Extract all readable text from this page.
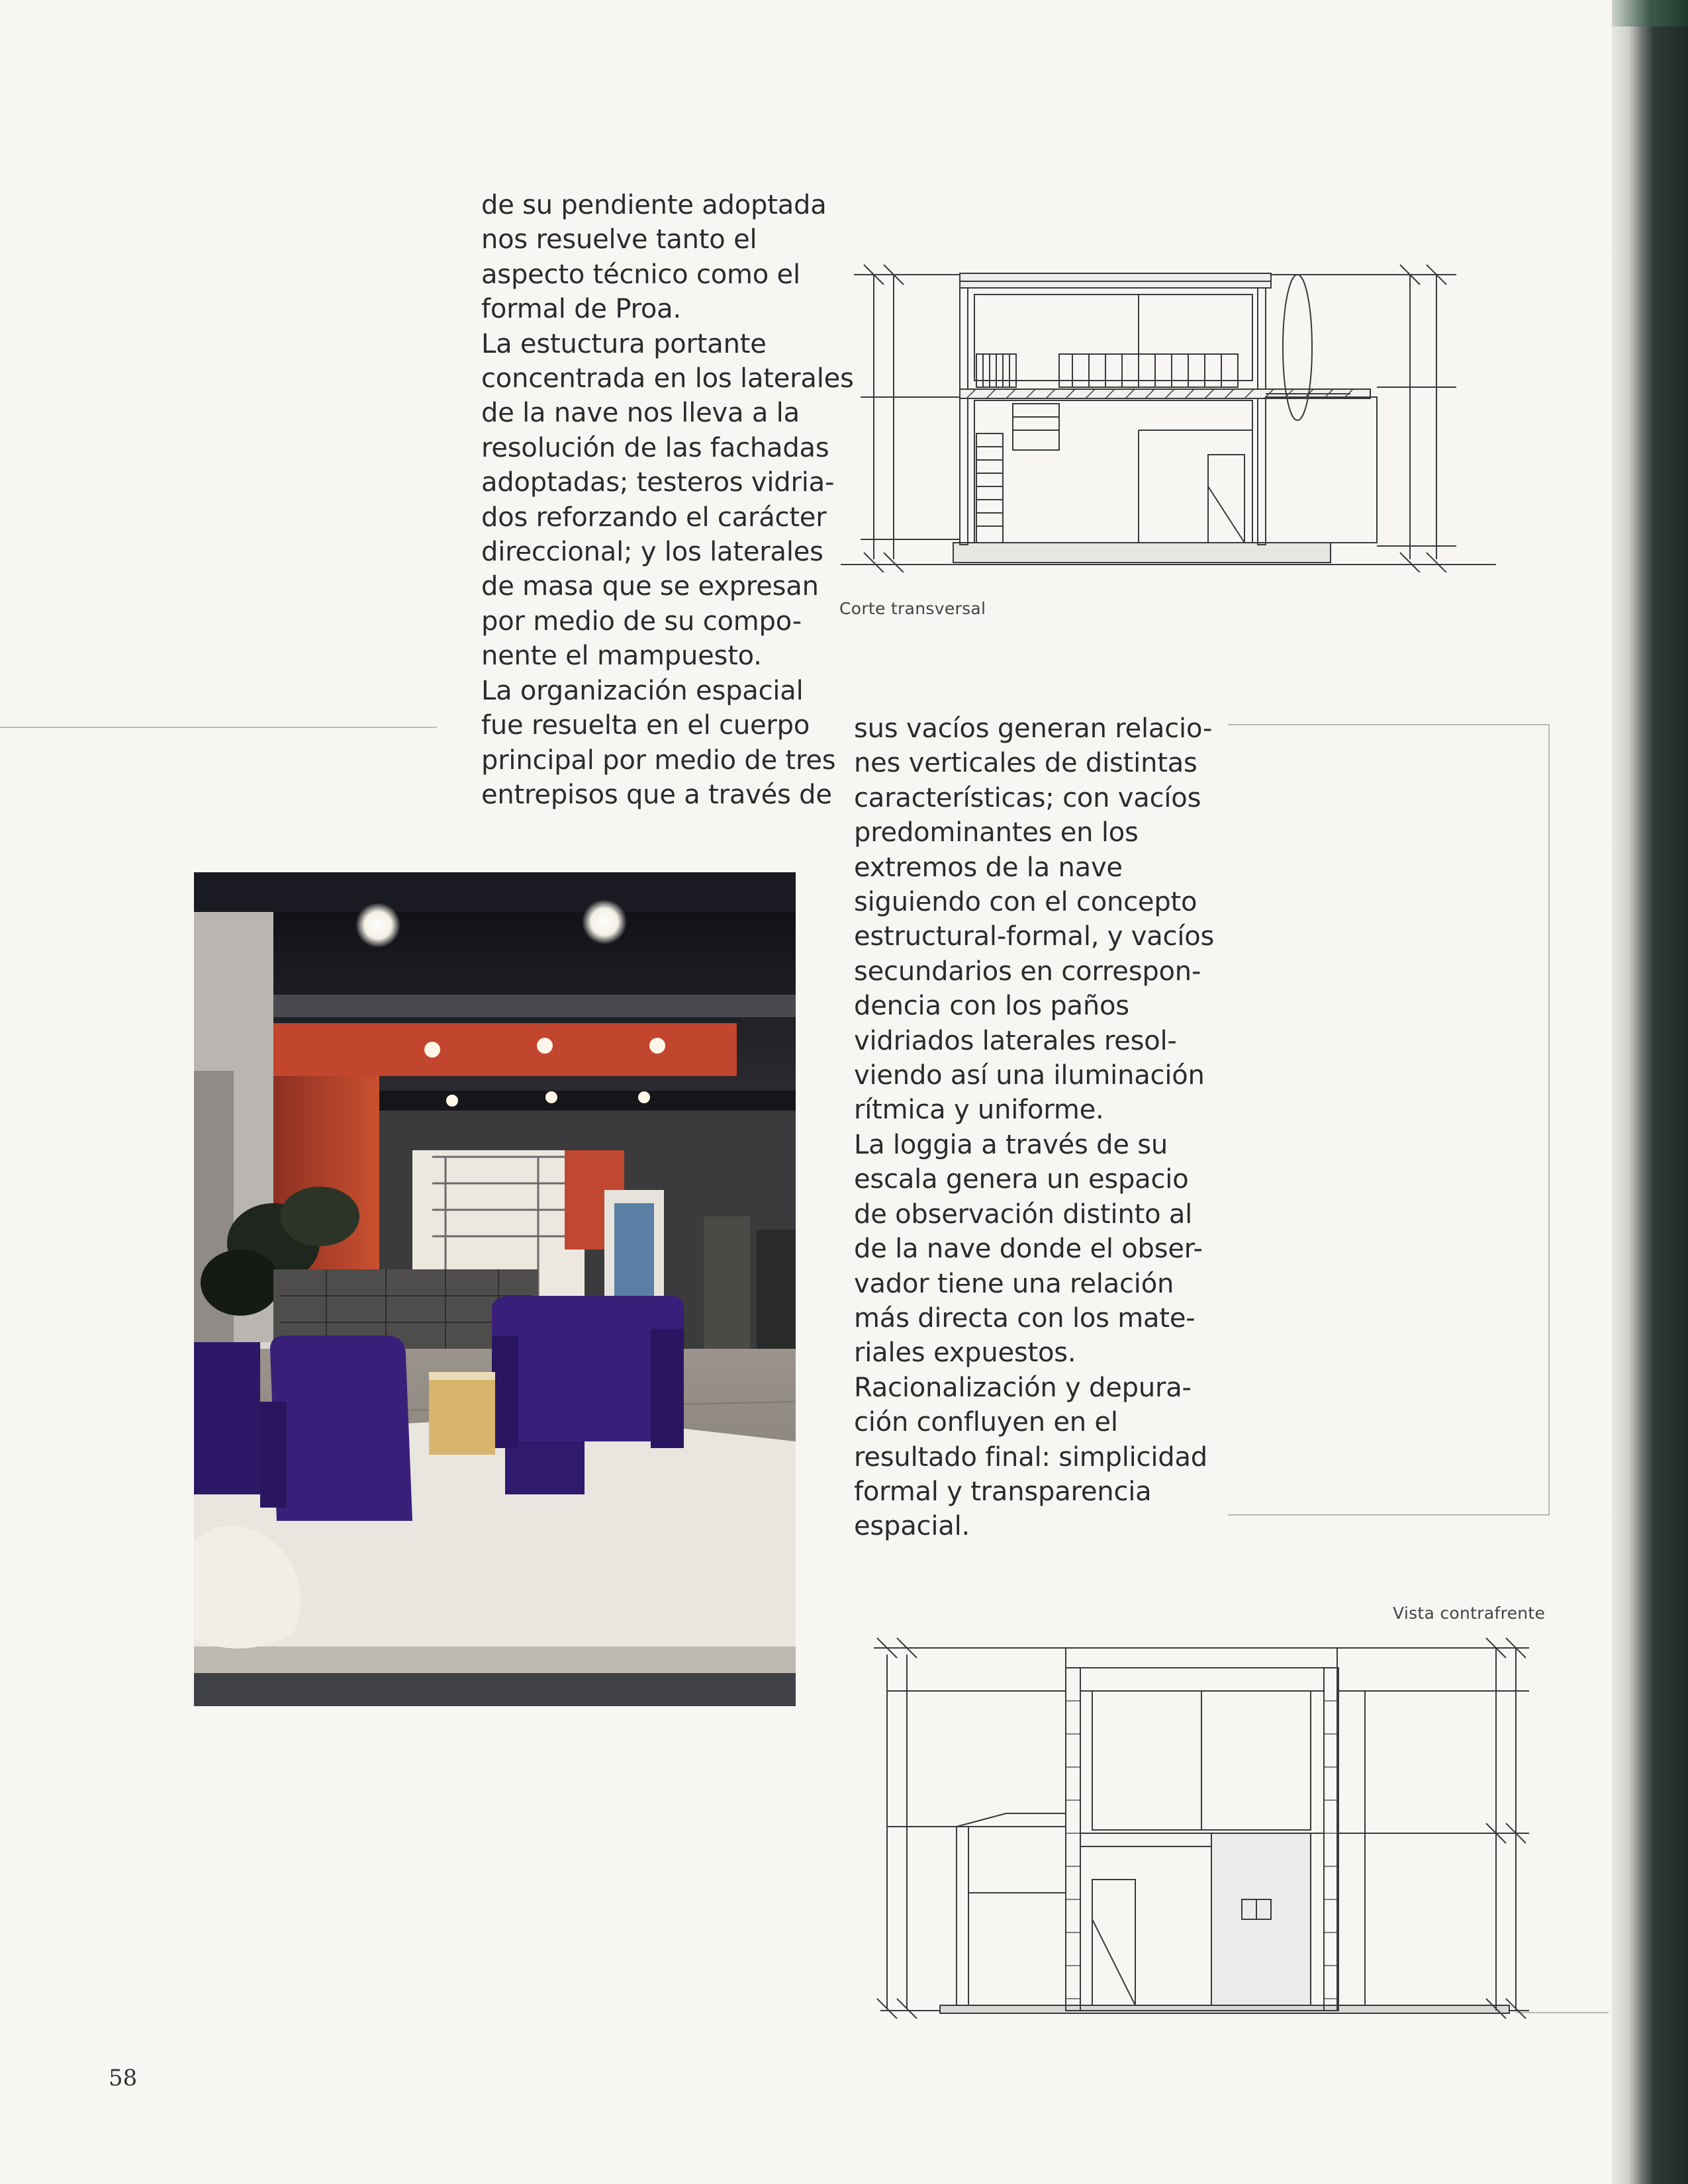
de su pendiente adoptada

nos resuelve tanto el

aspecto técnico como el

formal de Proa.

La estuctura portante

concentrada en los laterales

de la nave nos lleva a la

resolución de las fachadas

adoptadas; testeros vidria-

dos reforzando el carácter

direccional; y los laterales

de masa que se expresan

por medio de su compo-

nente el mampuesto.

La organización espacial

fue resuelta en el cuerpo

principal por medio de tres

entrepisos que a través de

sus vacíos generan relacio-

nes verticales de distintas

características; con vacíos

predominantes en los

extremos de la nave

siguiendo con el concepto

estructural-formal, y vacíos

secundarios en correspon-

dencia con los paños

vidriados laterales resol-

viendo así una iluminación

rítmica y uniforme.

La loggia a través de su

escala genera un espacio

de observación distinto al

de la nave donde el obser-

vador tiene una relación

más directa con los mate-

riales expuestos.

Racionalización y depura-

ción confluyen en el

resultado final: simplicidad

formal y transparencia

espacial.

Corte transversal
Vista contrafrente
58
